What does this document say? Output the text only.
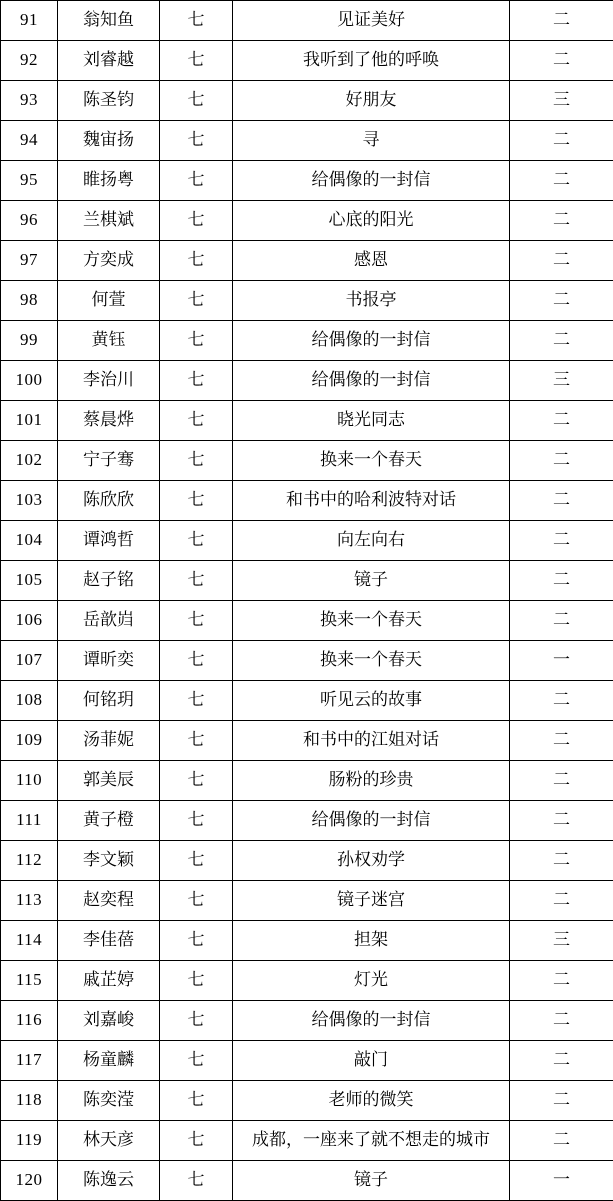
91	翁知鱼	七	见证美好	二
92	刘睿越	七	我听到了他的呼唤	二
93	陈圣钧	七	好朋友	三
94	魏宙扬	七	寻	二
95	睢扬粤	七	给偶像的一封信	二
96	兰棋斌	七	心底的阳光	二
97	方奕成	七	感恩	二
98	何萱	七	书报亭	二
99	黄钰	七	给偶像的一封信	二
100	李治川	七	给偶像的一封信	三
101	蔡晨烨	七	晓光同志	二
102	宁子骞	七	换来一个春天	二
103	陈欣欣	七	和书中的哈利波特对话	二
104	谭鸿哲	七	向左向右	二
105	赵子铭	七	镜子	二
106	岳歆岿	七	换来一个春天	二
107	谭昕奕	七	换来一个春天	一
108	何铭玥	七	听见云的故事	二
109	汤菲妮	七	和书中的江姐对话	二
110	郭美辰	七	肠粉的珍贵	二
111	黄子橙	七	给偶像的一封信	二
112	李文颖	七	孙权劝学	二
113	赵奕程	七	镜子迷宫	二
114	李佳蓓	七	担架	三
115	戚芷婷	七	灯光	二
116	刘嘉峻	七	给偶像的一封信	二
117	杨童麟	七	敲门	二
118	陈奕滢	七	老师的微笑	二
119	林天彦	七	成都，一座来了就不想走的城市	二
120	陈逸云	七	镜子	一
